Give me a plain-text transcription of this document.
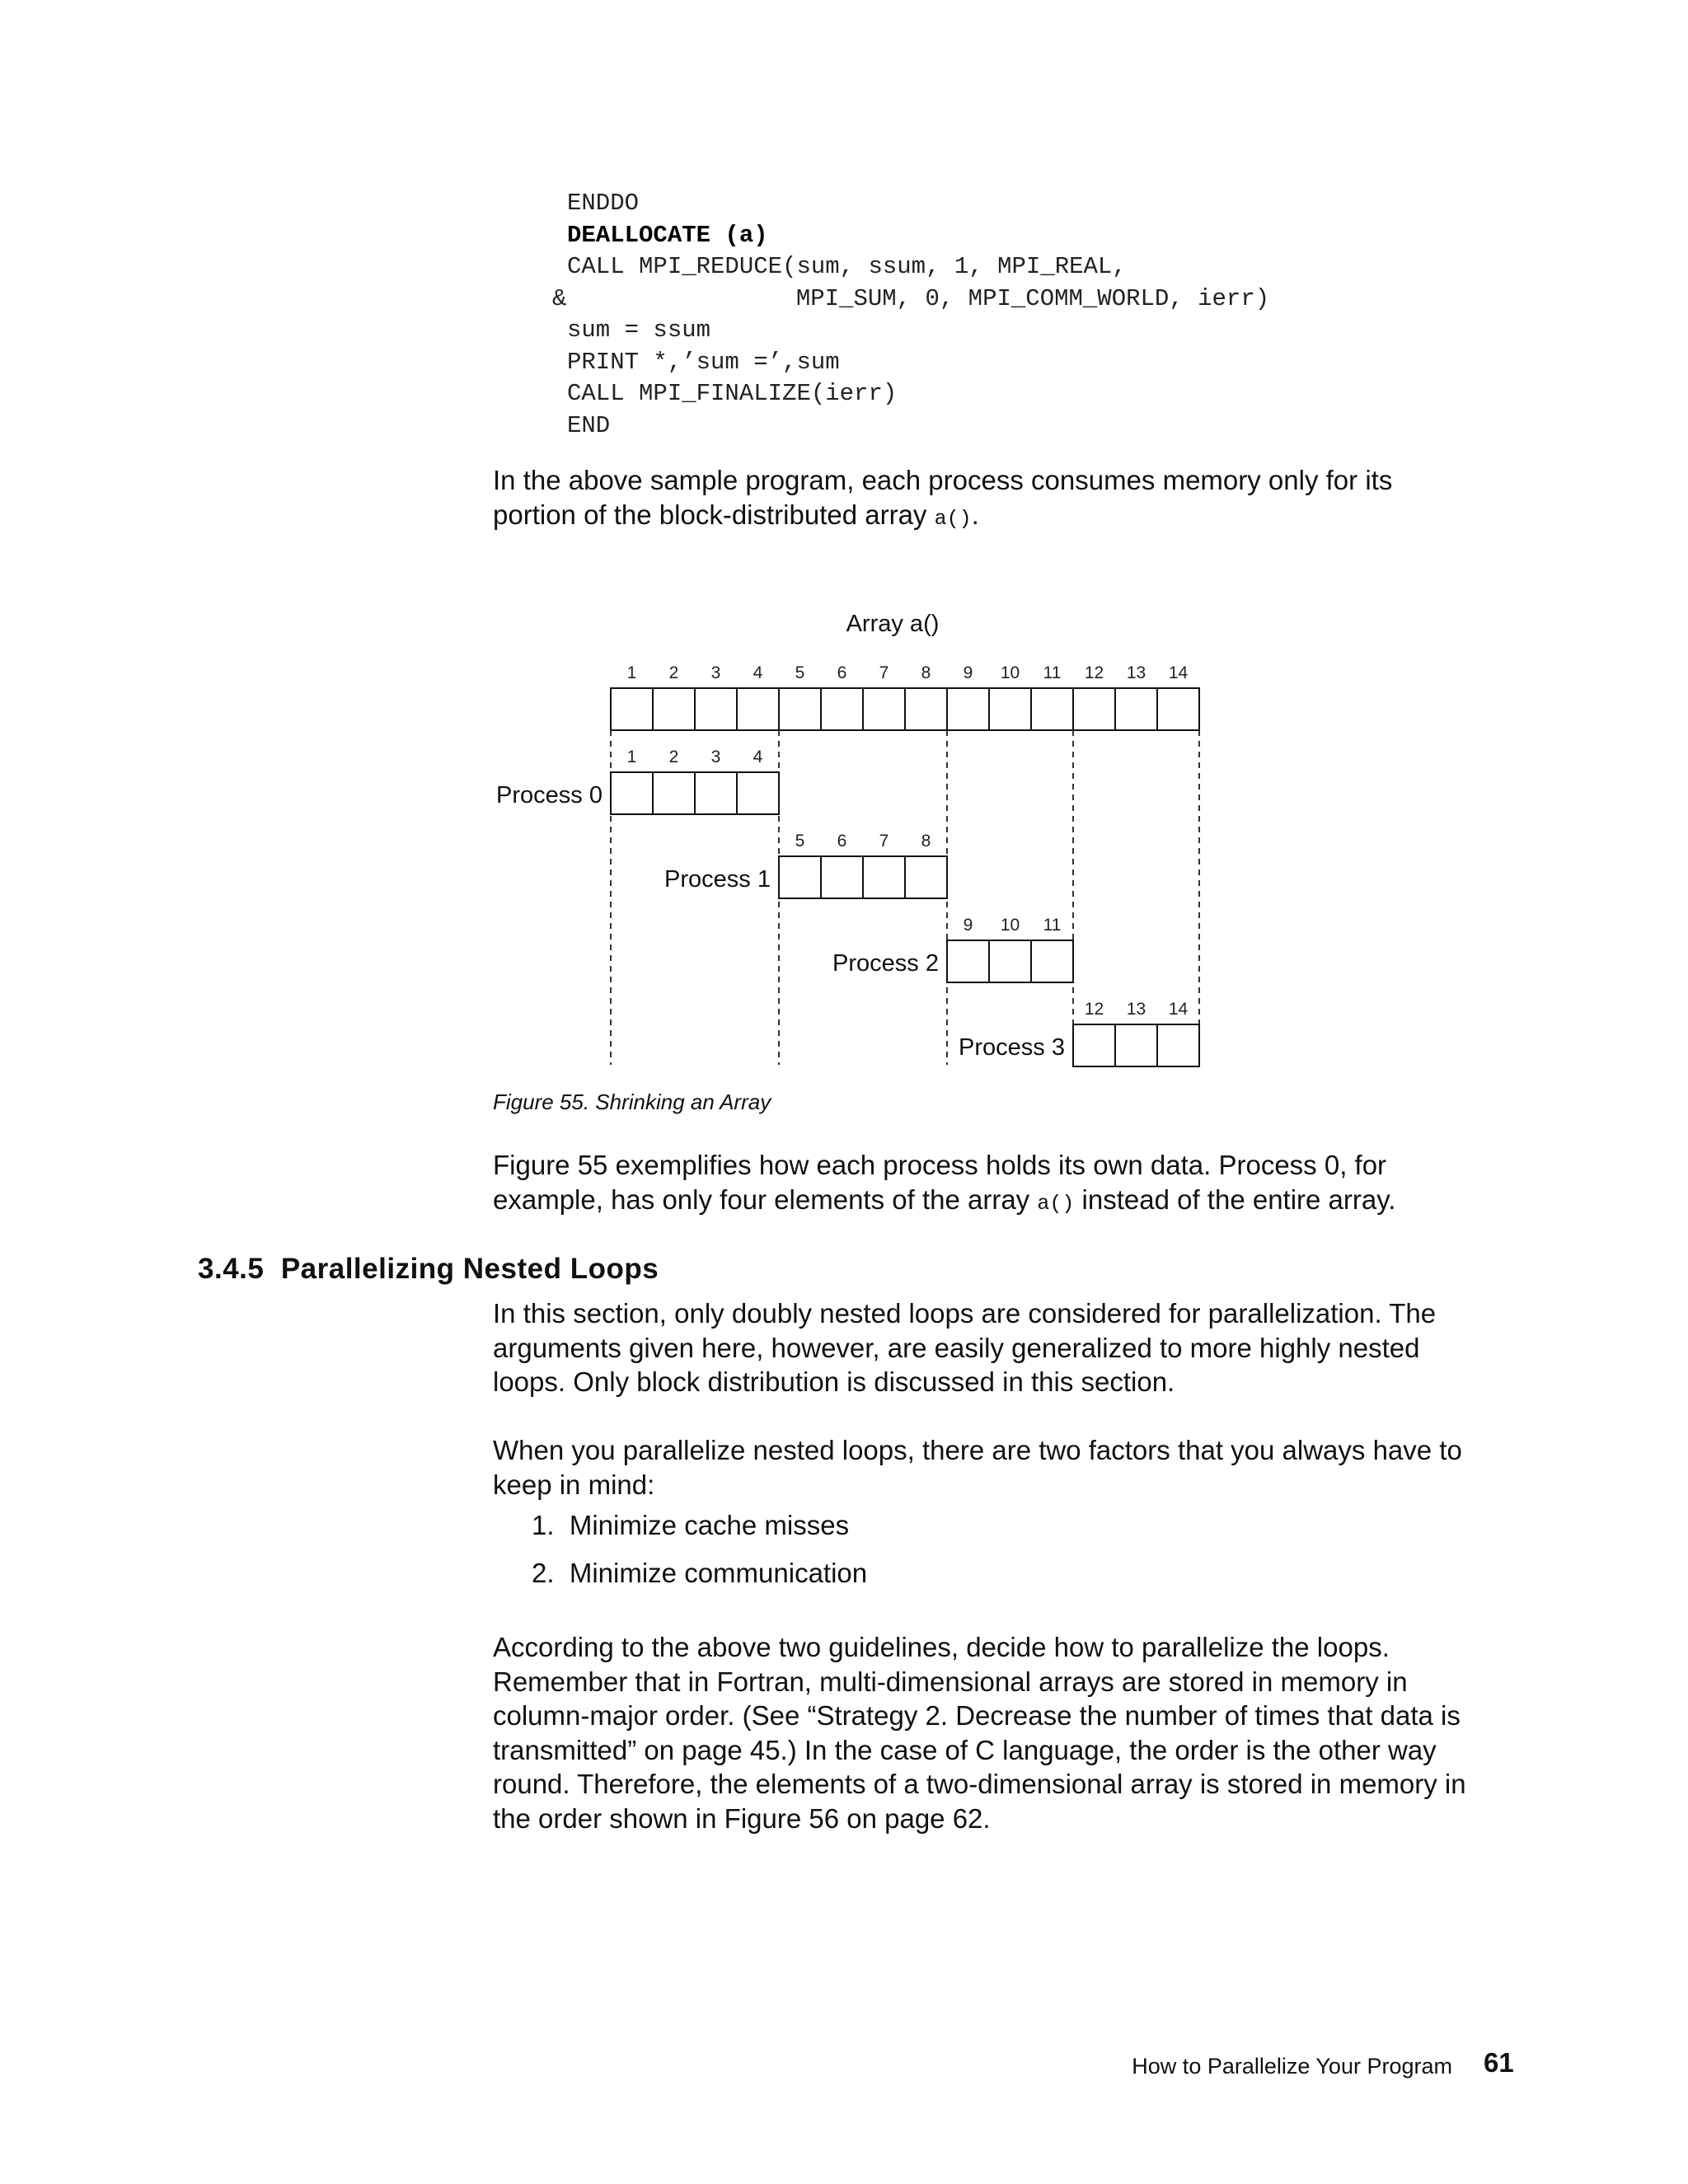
ENDDO
DEALLOCATE (a)
CALL MPI_REDUCE(sum, ssum, 1, MPI_REAL,
&                MPI_SUM, 0, MPI_COMM_WORLD, ierr)
sum = ssum
PRINT *,’sum =’,sum
CALL MPI_FINALIZE(ierr)
END
In the above sample program, each process consumes memory only for its
portion of the block-distributed array a().
Array a()
1 2 3 4 5 6 7 8 9 10 11 12 13 14
1 2 3 4
Process 0
5 6 7 8
Process 1
9 10 11
Process 2
12 13 14
Process 3
Figure 55. Shrinking an Array
Figure 55 exemplifies how each process holds its own data. Process 0, for
example, has only four elements of the array a() instead of the entire array.
3.4.5 Parallelizing Nested Loops
In this section, only doubly nested loops are considered for parallelization. The
arguments given here, however, are easily generalized to more highly nested
loops. Only block distribution is discussed in this section.
When you parallelize nested loops, there are two factors that you always have to
keep in mind:
1.  Minimize cache misses
2.  Minimize communication
According to the above two guidelines, decide how to parallelize the loops.
Remember that in Fortran, multi-dimensional arrays are stored in memory in
column-major order. (See “Strategy 2. Decrease the number of times that data is
transmitted” on page 45.) In the case of C language, the order is the other way
round. Therefore, the elements of a two-dimensional array is stored in memory in
the order shown in Figure 56 on page 62.
How to Parallelize Your Program 61
